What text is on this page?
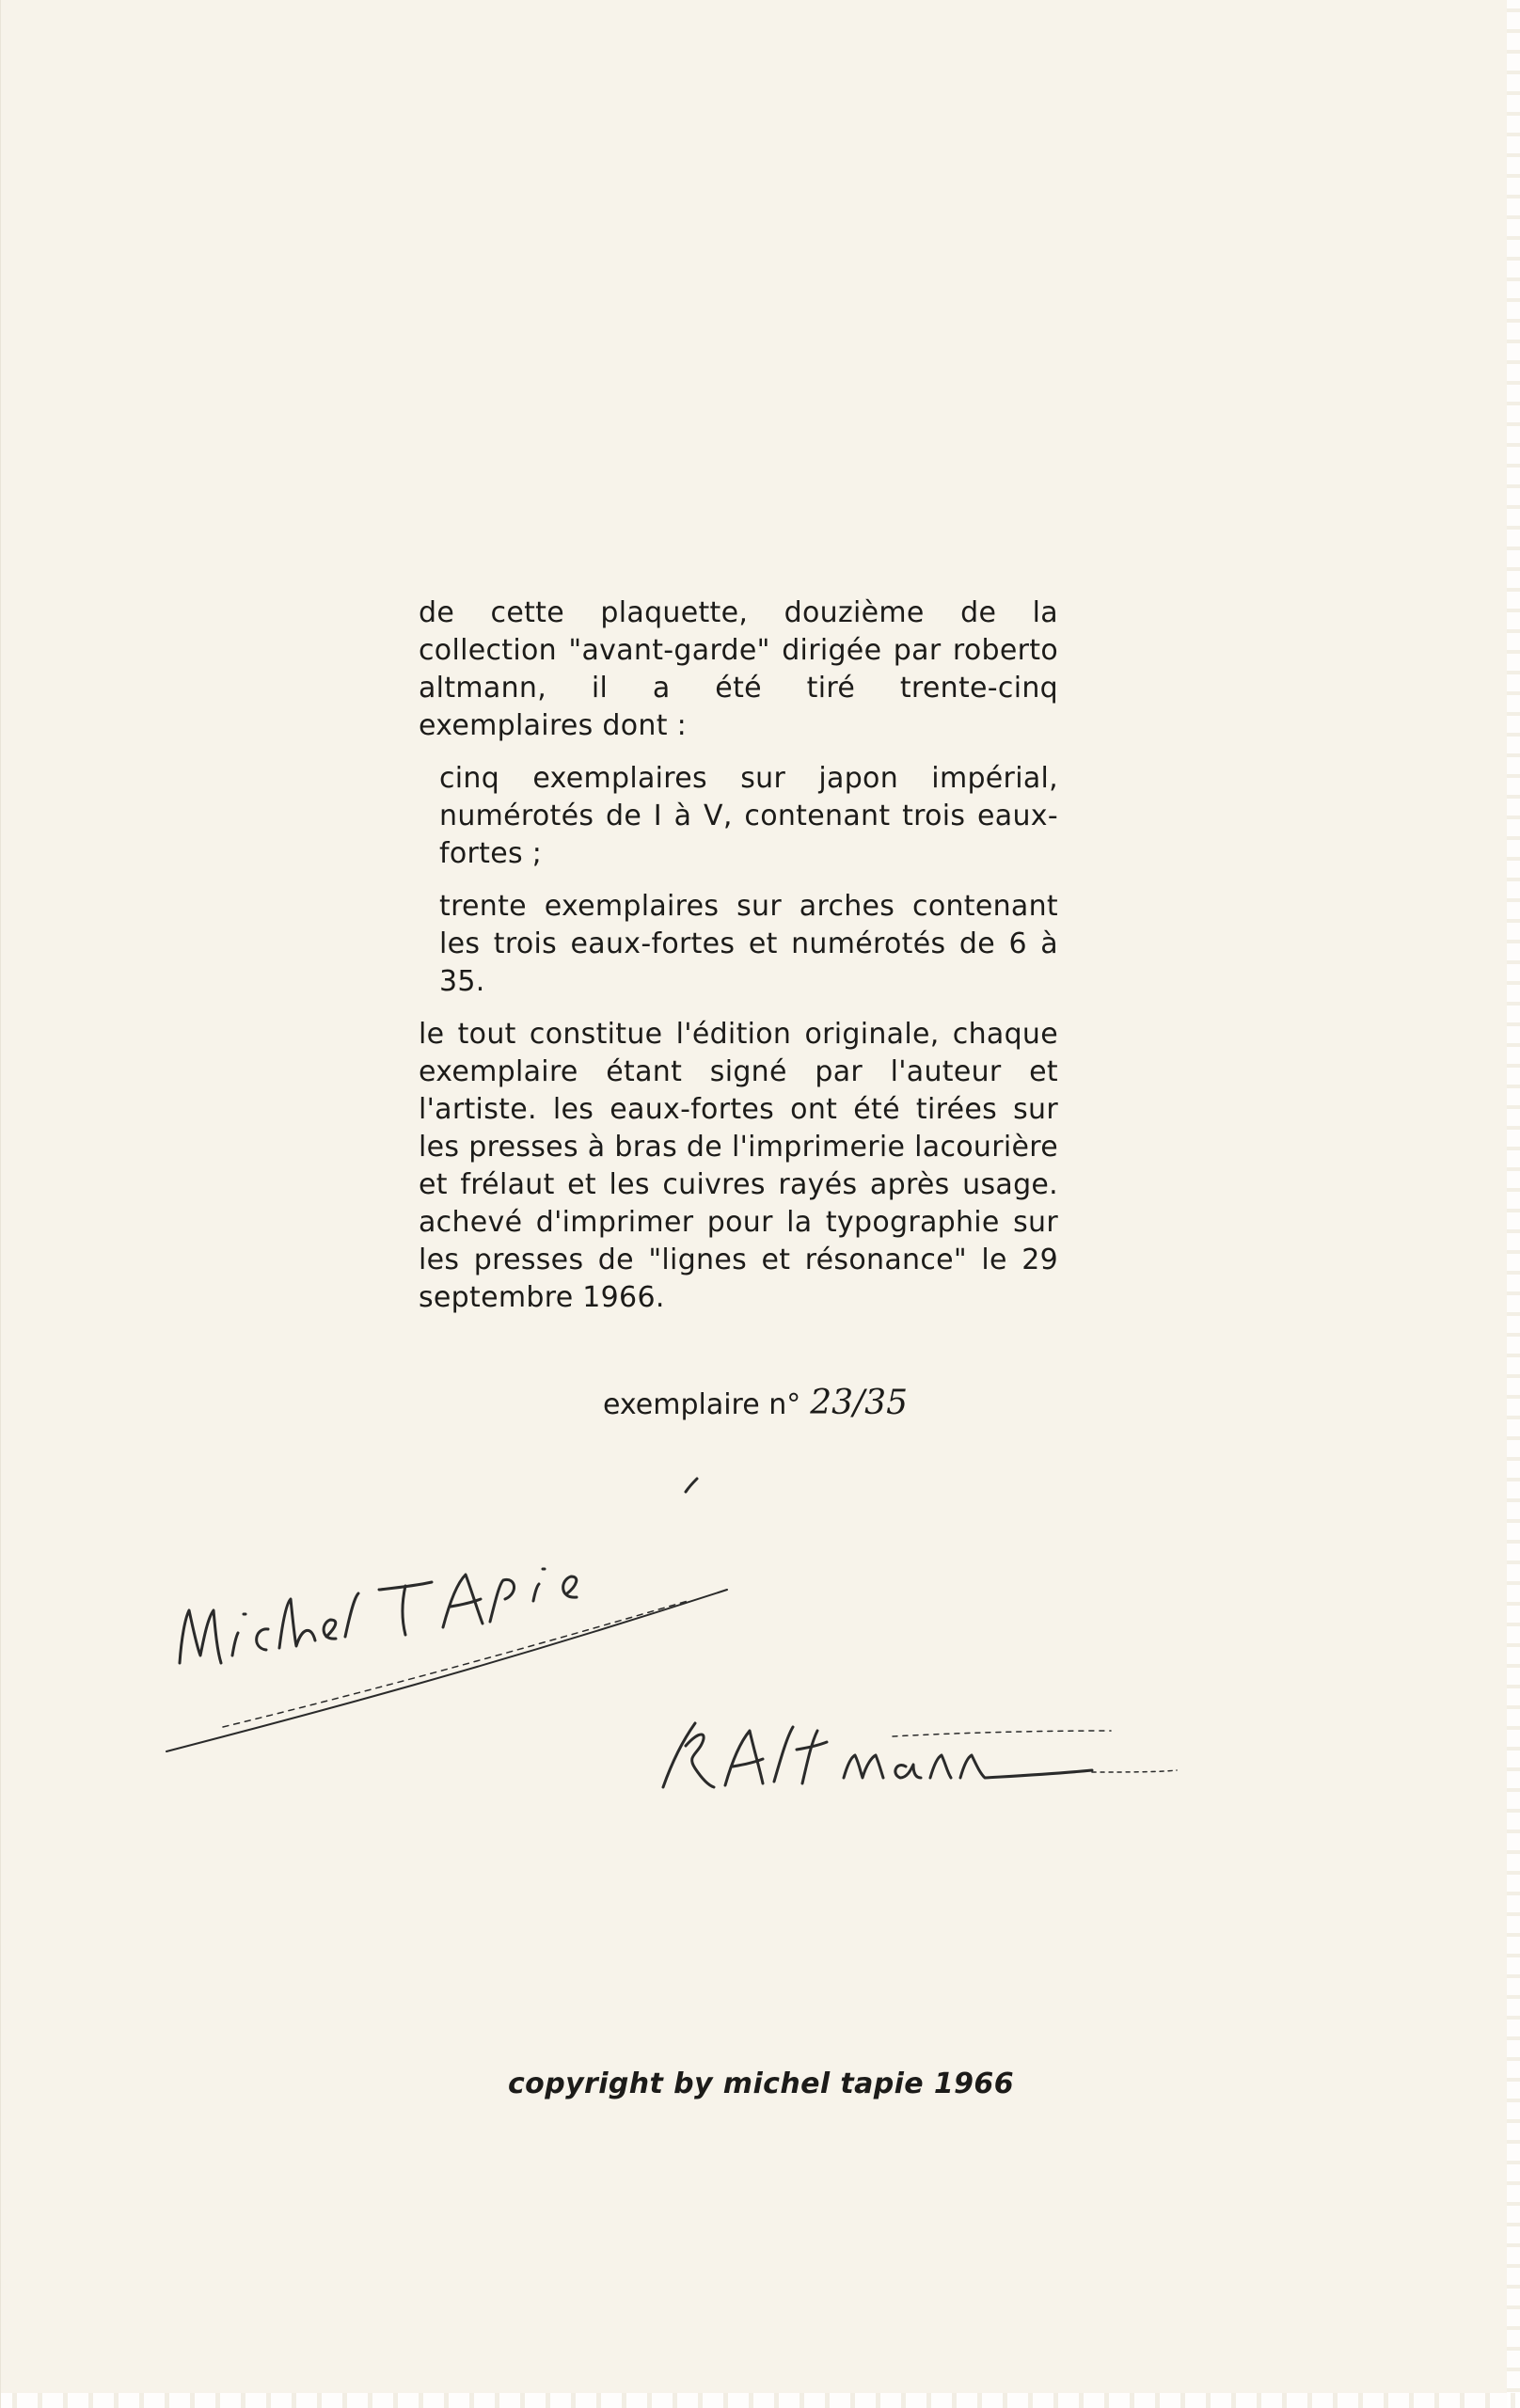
de cette plaquette, douzième de la collection "avant-garde" dirigée par roberto altmann, il a été tiré trente-cinq exemplaires dont :

cinq exemplaires sur japon impérial, numérotés de I à V, contenant trois eaux-fortes ;

trente exemplaires sur arches contenant les trois eaux-fortes et numérotés de 6 à 35.

le tout constitue l'édition originale, chaque exemplaire étant signé par l'auteur et l'artiste. les eaux-fortes ont été tirées sur les presses à bras de l'imprimerie lacourière et frélaut et les cuivres rayés après usage. achevé d'imprimer pour la typographie sur les presses de "lignes et résonance" le 29 septembre 1966.

exemplaire n° 23/35
copyright by michel tapie 1966
